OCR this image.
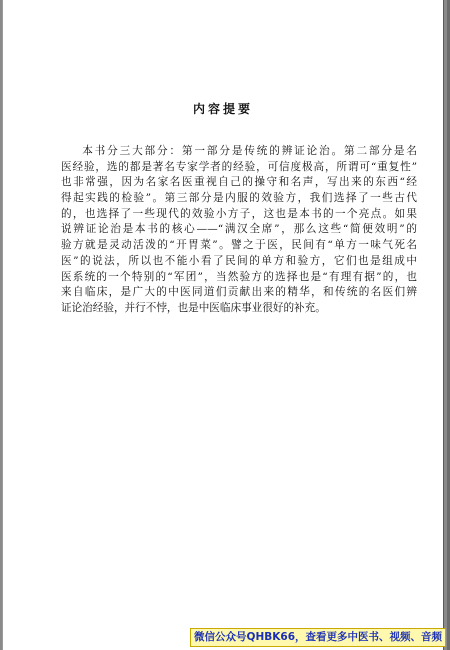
内容提要
本书分三大部分：第一部分是传统的辨证论治。第二部分是名
医经验，选的都是著名专家学者的经验，可信度极高，所谓可“重复性”
也非常强，因为名家名医重视自己的操守和名声，写出来的东西“经
得起实践的检验”。第三部分是内服的效验方，我们选择了一些古代
的，也选择了一些现代的效验小方子，这也是本书的一个亮点。如果
说辨证论治是本书的核心——“满汉全席”，那么这些“简便效明”的
验方就是灵动活泼的“开胃菜”。譬之于医，民间有“单方一味气死名
医”的说法，所以也不能小看了民间的单方和验方，它们也是组成中
医系统的一个特别的“军团”，当然验方的选择也是“有理有据”的，也
来自临床，是广大的中医同道们贡献出来的精华，和传统的名医们辨
证论治经验，并行不悖，也是中医临床事业很好的补充。
微信公众号QHBK66，查看更多中医书、视频、音频
